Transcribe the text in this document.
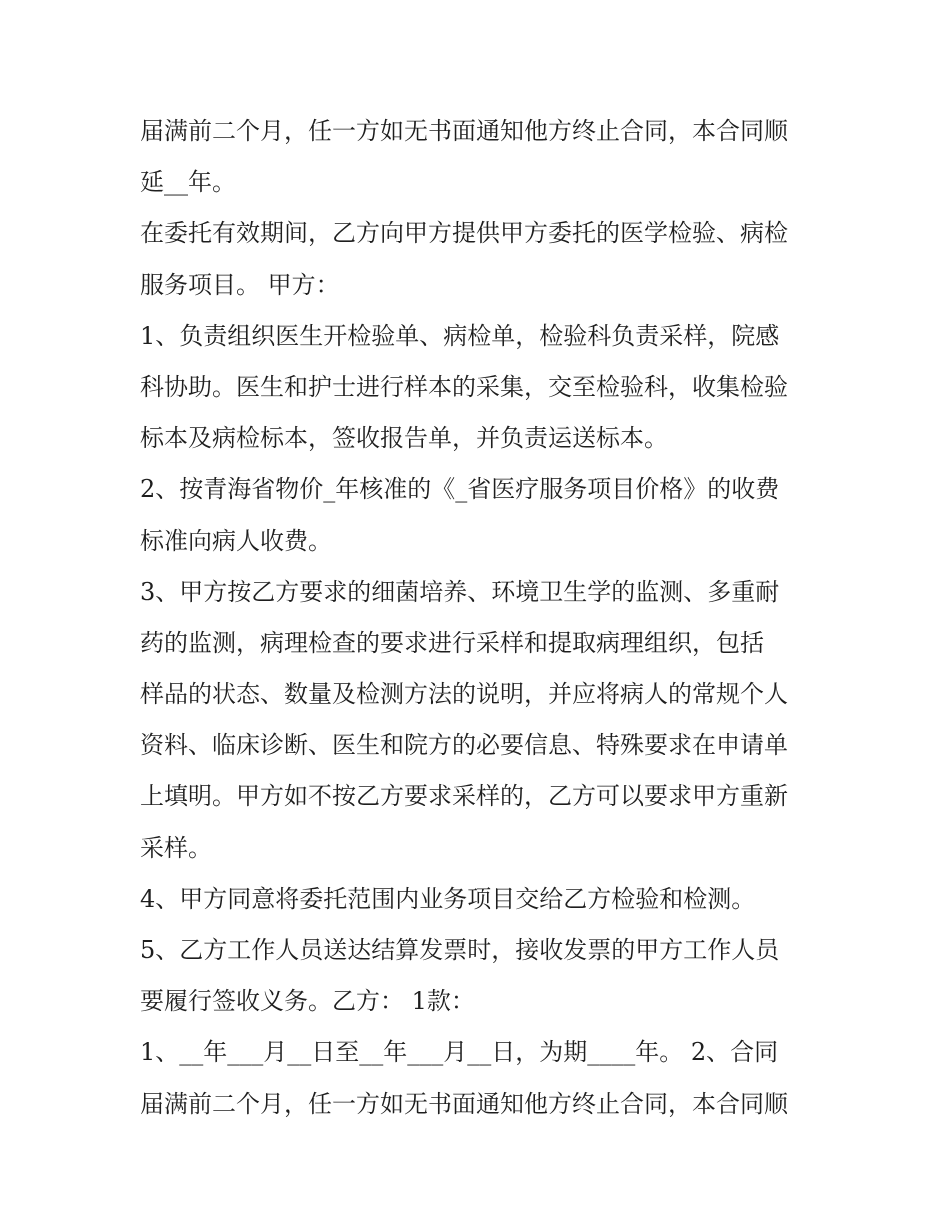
届满前二个月，任一方如无书面通知他方终止合同，本合同顺
延__年。
在委托有效期间，乙方向甲方提供甲方委托的医学检验、病检
服务项目。 甲方：
1、负责组织医生开检验单、病检单，检验科负责采样，院感
科协助。医生和护士进行样本的采集，交至检验科，收集检验
标本及病检标本，签收报告单，并负责运送标本。
2、按青海省物价_年核准的《_省医疗服务项目价格》的收费
标准向病人收费。
3、甲方按乙方要求的细菌培养、环境卫生学的监测、多重耐
药的监测，病理检查的要求进行采样和提取病理组织，包括
样品的状态、数量及检测方法的说明，并应将病人的常规个人
资料、临床诊断、医生和院方的必要信息、特殊要求在申请单
上填明。甲方如不按乙方要求采样的，乙方可以要求甲方重新
采样。
4、甲方同意将委托范围内业务项目交给乙方检验和检测。
5、乙方工作人员送达结算发票时，接收发票的甲方工作人员
要履行签收义务。乙方： 1款：
1、__年___月__日至__年___月__日，为期____年。 2、合同
届满前二个月，任一方如无书面通知他方终止合同，本合同顺
